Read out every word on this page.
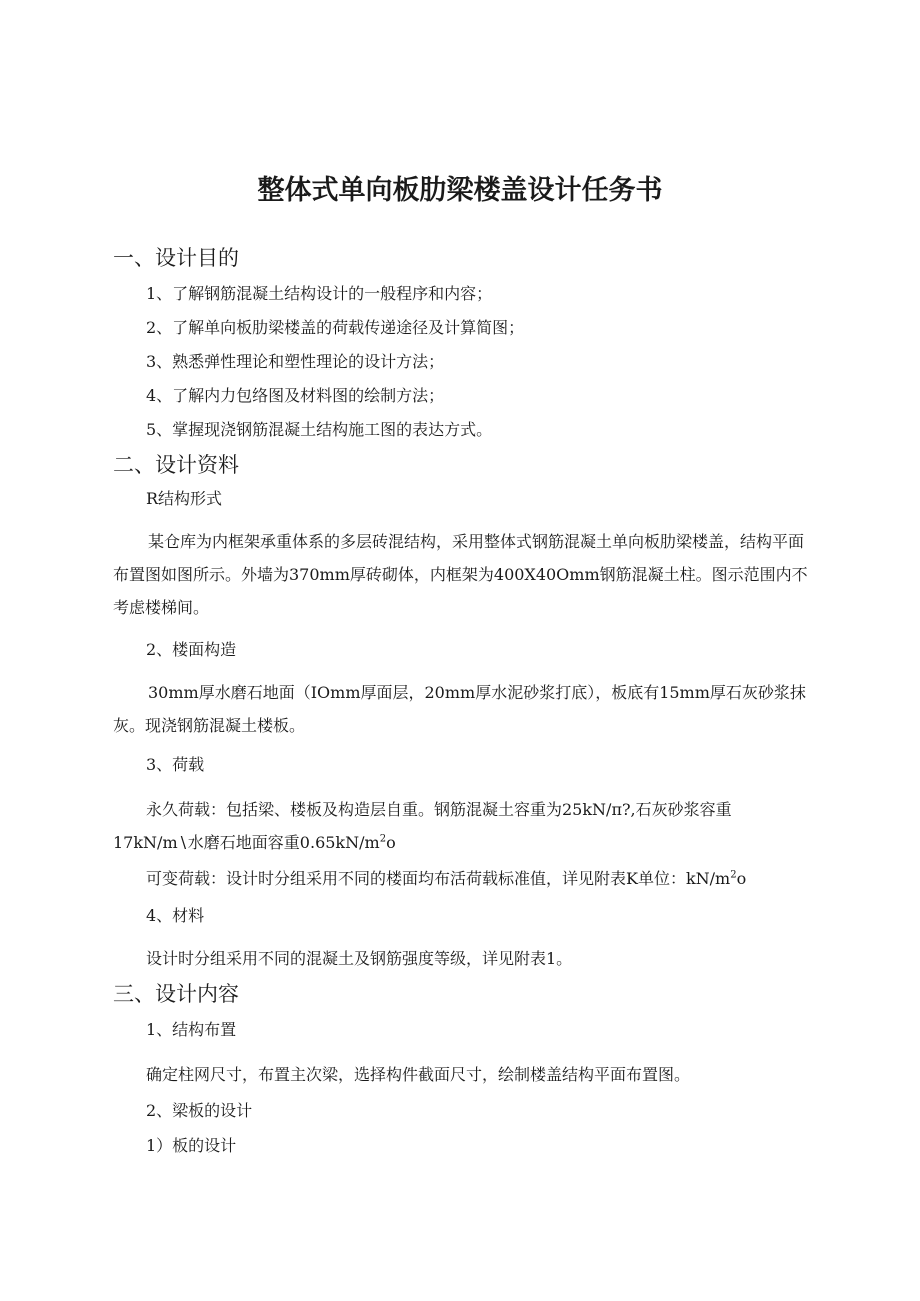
整体式单向板肋梁楼盖设计任务书
一、设计目的
1、了解钢筋混凝土结构设计的一般程序和内容；
2、了解单向板肋梁楼盖的荷载传递途径及计算简图；
3、熟悉弹性理论和塑性理论的设计方法；
4、了解内力包络图及材料图的绘制方法；
5、掌握现浇钢筋混凝土结构施工图的表达方式。
二、设计资料
R结构形式
某仓库为内框架承重体系的多层砖混结构，采用整体式钢筋混凝土单向板肋梁楼盖，结构平面布置图如图所示。外墙为370mm厚砖砌体，内框架为400X40Omm钢筋混凝土柱。图示范围内不考虑楼梯间。
2、楼面构造
30mm厚水磨石地面（IOmm厚面层，20mm厚水泥砂浆打底），板底有15mm厚石灰砂浆抹灰。现浇钢筋混凝土楼板。
3、荷载
永久荷载：包括梁、楼板及构造层自重。钢筋混凝土容重为25kN∕π?,石灰砂浆容重
17kN∕m∖水磨石地面容重$0.65kN∕m^2o$
可变荷载：设计时分组采用不同的楼面均布活荷载标准值，详见附表K单位：$kN∕m^2o$
4、材料
设计时分组采用不同的混凝土及钢筋强度等级，详见附表1。
三、设计内容
1、结构布置
确定柱网尺寸，布置主次梁，选择构件截面尺寸，绘制楼盖结构平面布置图。
2、梁板的设计
1）板的设计
